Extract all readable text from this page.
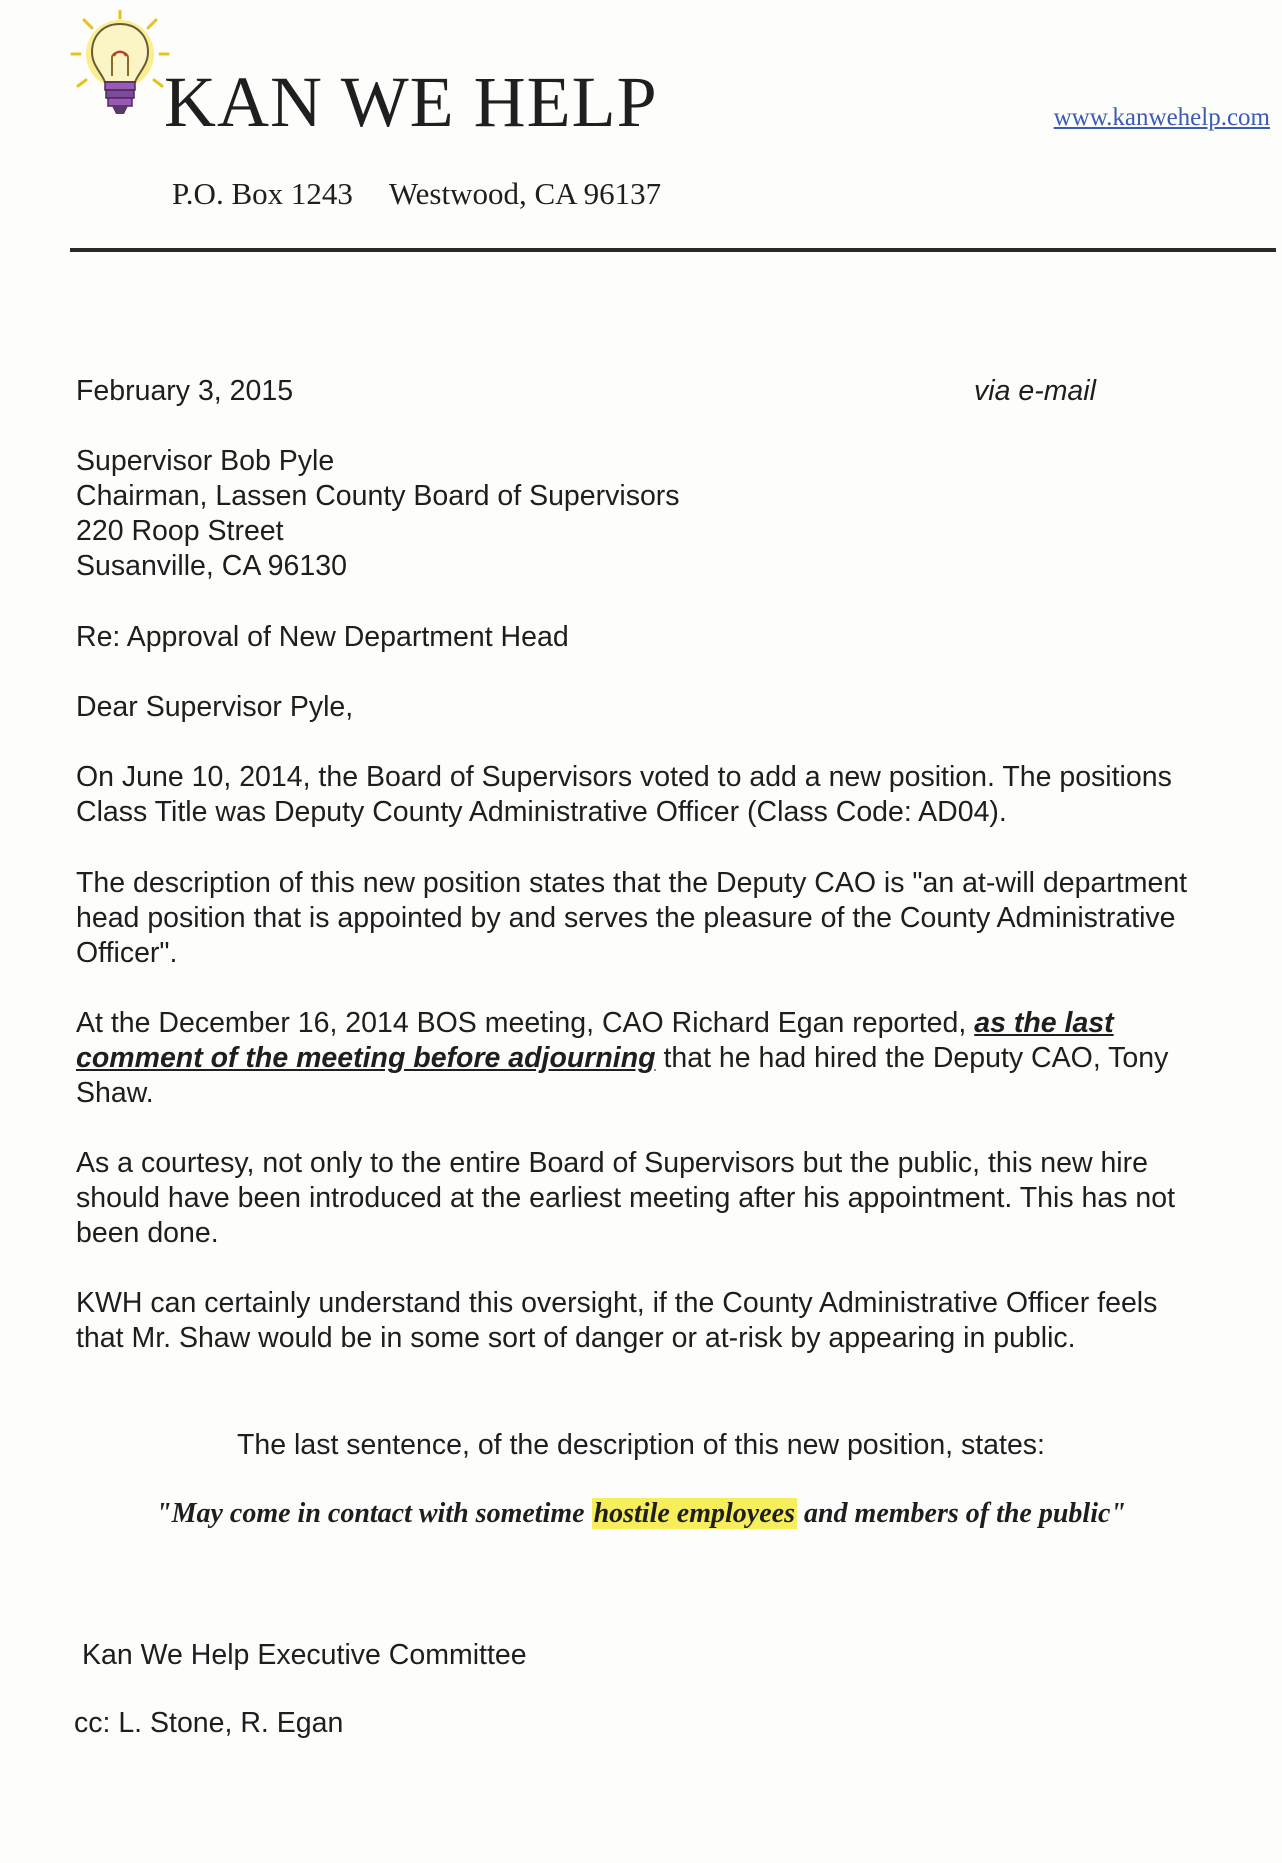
KAN WE HELP	www.kanwehelp.com
P.O. Box 1243 Westwood, CA 96137
February 3, 2015	via e-mail
Supervisor Bob Pyle
Chairman, Lassen County Board of Supervisors
220 Roop Street
Susanville, CA 96130
Re: Approval of New Department Head
Dear Supervisor Pyle,
On June 10, 2014, the Board of Supervisors voted to add a new position. The positions
Class Title was Deputy County Administrative Officer (Class Code: AD04).
The description of this new position states that the Deputy CAO is "an at-will department
head position that is appointed by and serves the pleasure of the County Administrative
Officer".
At the December 16, 2014 BOS meeting, CAO Richard Egan reported, as the last
comment of the meeting before adjourning that he had hired the Deputy CAO, Tony
Shaw.
As a courtesy, not only to the entire Board of Supervisors but the public, this new hire
should have been introduced at the earliest meeting after his appointment. This has not
been done.
KWH can certainly understand this oversight, if the County Administrative Officer feels
that Mr. Shaw would be in some sort of danger or at-risk by appearing in public.
The last sentence, of the description of this new position, states:
"May come in contact with sometime hostile employees and members of the public"
Kan We Help Executive Committee
cc: L. Stone, R. Egan
